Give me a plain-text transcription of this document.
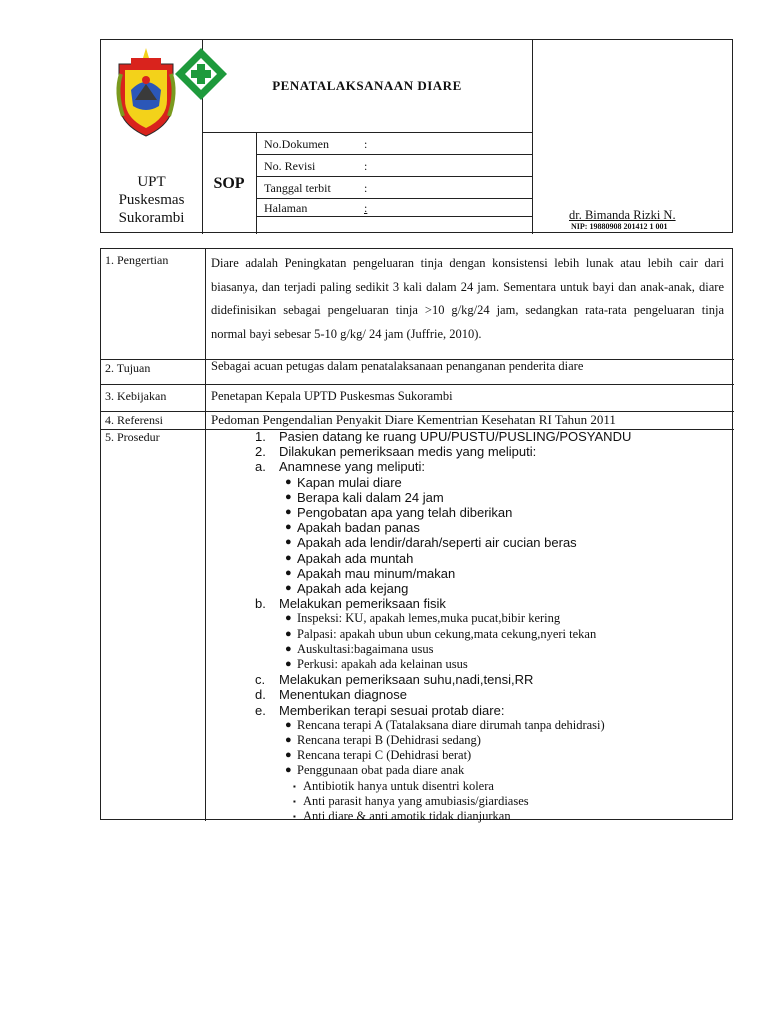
UPT
Puskesmas
Sukorambi
PENATALAKSANAAN DIARE
SOP
No.Dokumen	:
No. Revisi	:
Tanggal terbit	:
Halaman	:	dr. Bimanda Rizki N.
NIP: 19880908 201412 1 001
1. Pengertian	Diare adalah Peningkatan pengeluaran tinja dengan konsistensi lebih lunak atau lebih cair dari biasanya, dan terjadi paling sedikit 3 kali dalam 24 jam. Sementara untuk bayi dan anak-anak, diare didefinisikan sebagai pengeluaran tinja >10 g/kg/24 jam, sedangkan rata-rata pengeluaran tinja normal bayi sebesar 5-10 g/kg/ 24 jam (Juffrie, 2010).
2. Tujuan	Sebagai acuan petugas dalam penatalaksanaan penanganan penderita diare
3. Kebijakan	Penetapan Kepala UPTD Puskesmas Sukorambi
4. Referensi	Pedoman Pengendalian Penyakit Diare Kementrian Kesehatan RI Tahun 2011
5. Prosedur	1. Pasien datang ke ruang UPU/PUSTU/PUSLING/POSYANDU
2. Dilakukan pemeriksaan medis yang meliputi:
a. Anamnese yang meliputi:
● Kapan mulai diare
● Berapa kali dalam 24 jam
● Pengobatan apa yang telah diberikan
● Apakah badan panas
● Apakah ada lendir/darah/seperti air cucian beras
● Apakah ada muntah
● Apakah mau minum/makan
● Apakah ada kejang
b. Melakukan pemeriksaan fisik
● Inspeksi: KU, apakah lemes,muka pucat,bibir kering
● Palpasi: apakah ubun ubun cekung,mata cekung,nyeri tekan
● Auskultasi:bagaimana usus
● Perkusi: apakah ada kelainan usus
c. Melakukan pemeriksaan suhu,nadi,tensi,RR
d. Menentukan diagnose
e. Memberikan terapi sesuai protab diare:
● Rencana terapi A (Tatalaksana diare dirumah tanpa dehidrasi)
● Rencana terapi B (Dehidrasi sedang)
● Rencana terapi C (Dehidrasi berat)
● Penggunaan obat pada diare anak
▪ Antibiotik hanya untuk disentri kolera
▪ Anti parasit hanya yang amubiasis/giardiases
▪ Anti diare & anti amotik tidak dianjurkan
